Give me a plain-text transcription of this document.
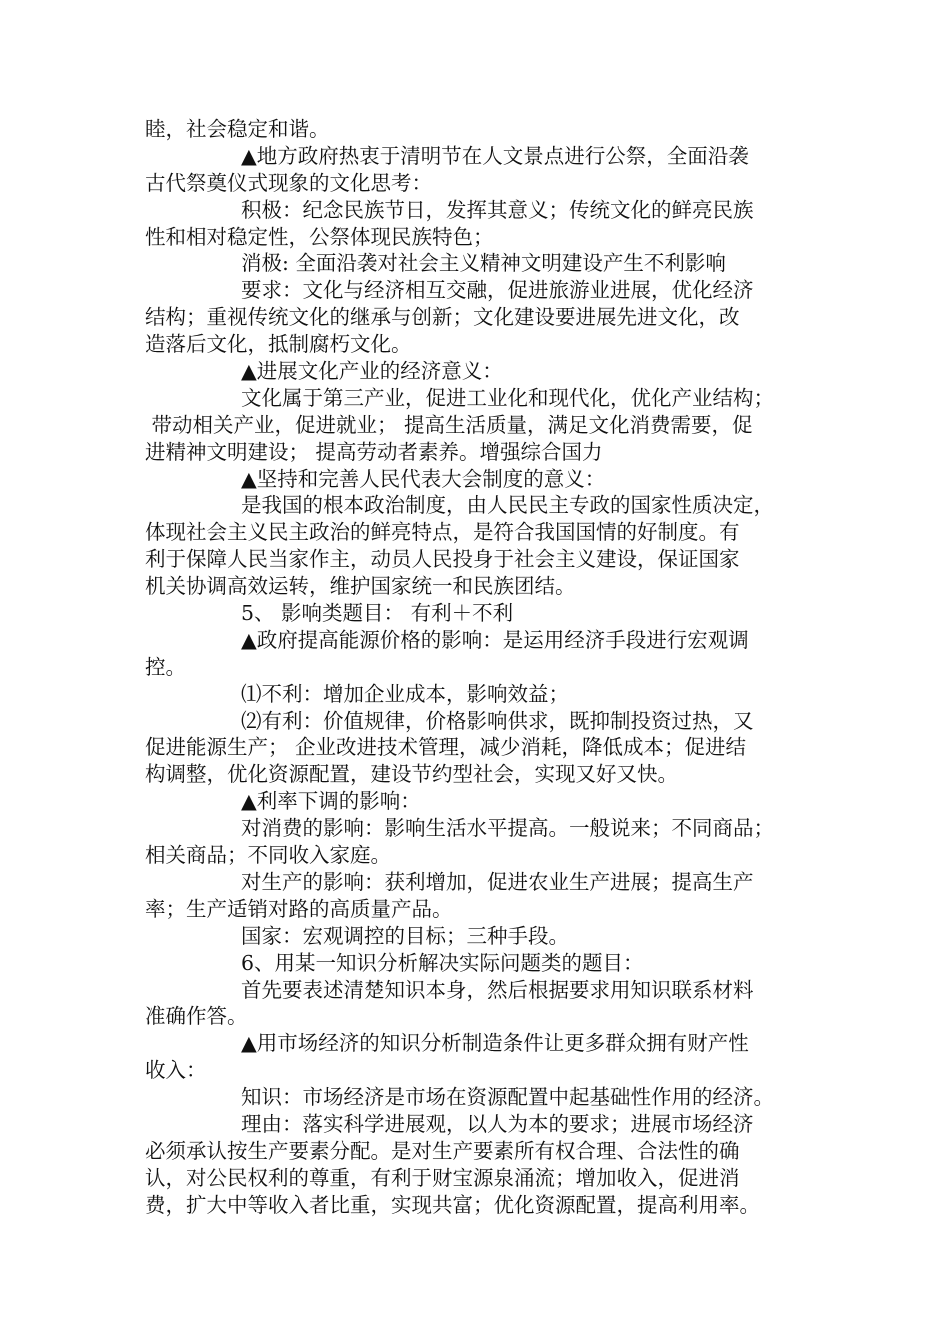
睦，社会稳定和谐。
▲地方政府热衷于清明节在人文景点进行公祭，全面沿袭
古代祭奠仪式现象的文化思考：
积极：纪念民族节日，发挥其意义；传统文化的鲜亮民族
性和相对稳定性，公祭体现民族特色；
消极: 全面沿袭对社会主义精神文明建设产生不利影响
要求：文化与经济相互交融，促进旅游业进展，优化经济
结构；重视传统文化的继承与创新；文化建设要进展先进文化，改
造落后文化，抵制腐朽文化。
▲进展文化产业的经济意义：
文化属于第三产业，促进工业化和现代化，优化产业结构；
带动相关产业，促进就业； 提高生活质量，满足文化消费需要，促
进精神文明建设； 提高劳动者素养。增强综合国力
▲坚持和完善人民代表大会制度的意义：
是我国的根本政治制度，由人民民主专政的国家性质决定，
体现社会主义民主政治的鲜亮特点，是符合我国国情的好制度。有
利于保障人民当家作主，动员人民投身于社会主义建设，保证国家
机关协调高效运转，维护国家统一和民族团结。
5、 影响类题目： 有利＋不利
▲政府提高能源价格的影响：是运用经济手段进行宏观调
控。
⑴不利：增加企业成本，影响效益；
⑵有利：价值规律，价格影响供求，既抑制投资过热，又
促进能源生产； 企业改进技术管理，减少消耗，降低成本；促进结
构调整，优化资源配置，建设节约型社会，实现又好又快。
▲利率下调的影响：
对消费的影响：影响生活水平提高。一般说来；不同商品；
相关商品；不同收入家庭。
对生产的影响：获利增加，促进农业生产进展；提高生产
率；生产适销对路的高质量产品。
国家：宏观调控的目标；三种手段。
6、用某一知识分析解决实际问题类的题目：
首先要表述清楚知识本身，然后根据要求用知识联系材料
准确作答。
▲用市场经济的知识分析制造条件让更多群众拥有财产性
收入：
知识：市场经济是市场在资源配置中起基础性作用的经济。
理由：落实科学进展观，以人为本的要求；进展市场经济
必须承认按生产要素分配。是对生产要素所有权合理、合法性的确
认，对公民权利的尊重，有利于财宝源泉涌流；增加收入，促进消
费，扩大中等收入者比重，实现共富；优化资源配置，提高利用率。
